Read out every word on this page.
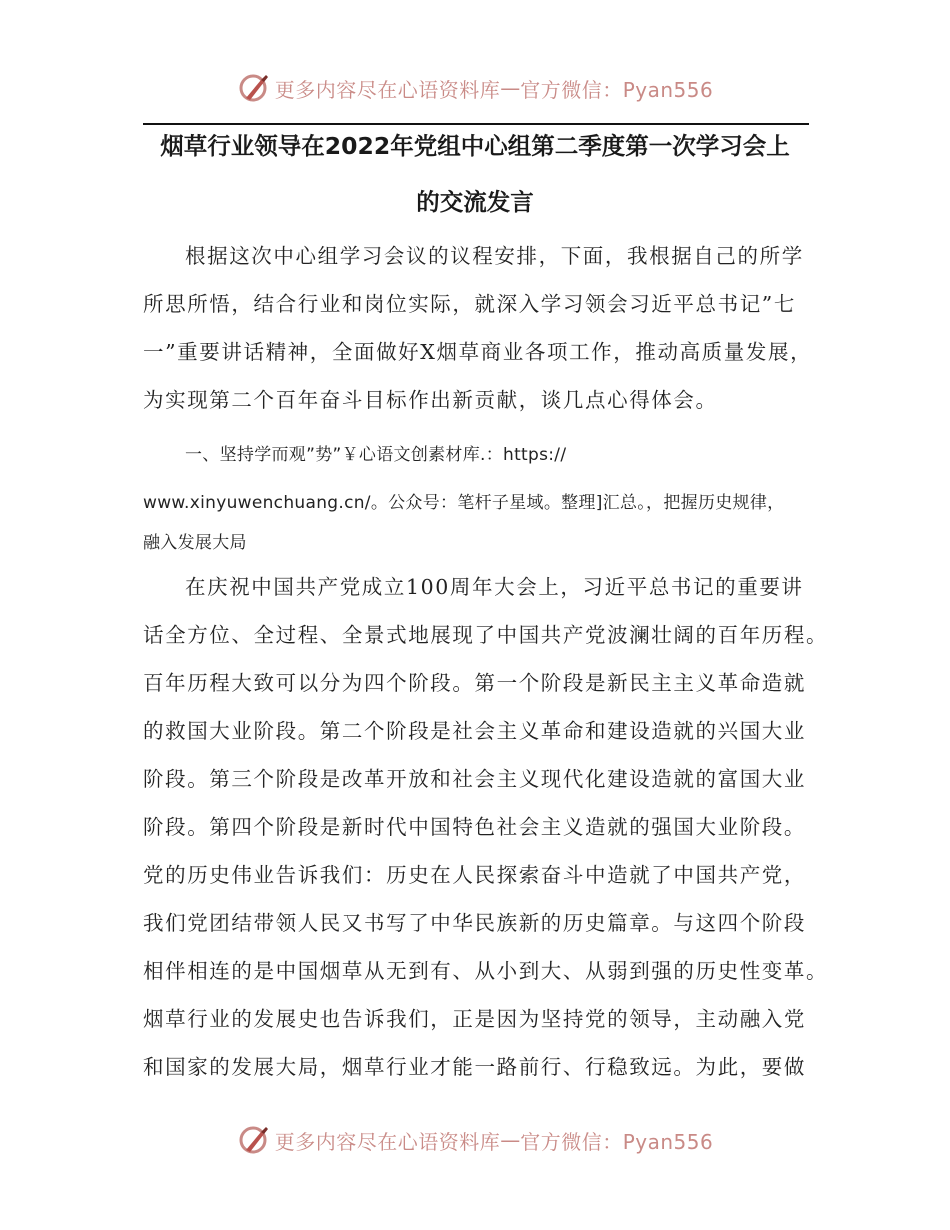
更多内容尽在心语资料库 — 官方微信：Pyan556
烟草行业领导在2022年党组中心组第二季度第一次学习会上
的交流发言
根据这次中心组学习会议的议程安排，下面，我根据自己的所学
所思所悟，结合行业和岗位实际，就深入学习领会习近平总书记”七
一”重要讲话精神，全面做好X烟草商业各项工作，推动高质量发展，
为实现第二个百年奋斗目标作出新贡献，谈几点心得体会。
一、坚持学而观”势”￥心语文创素材库.：https://
www.xinyuwenchuang.cn/。公众号：笔杆子星域。整理]汇总。，把握历史规律，
融入发展大局
在庆祝中国共产党成立100周年大会上，习近平总书记的重要讲
话全方位、全过程、全景式地展现了中国共产党波澜壮阔的百年历程。
百年历程大致可以分为四个阶段。第一个阶段是新民主主义革命造就
的救国大业阶段。第二个阶段是社会主义革命和建设造就的兴国大业
阶段。第三个阶段是改革开放和社会主义现代化建设造就的富国大业
阶段。第四个阶段是新时代中国特色社会主义造就的强国大业阶段。
党的历史伟业告诉我们：历史在人民探索奋斗中造就了中国共产党，
我们党团结带领人民又书写了中华民族新的历史篇章。与这四个阶段
相伴相连的是中国烟草从无到有、从小到大、从弱到强的历史性变革。
烟草行业的发展史也告诉我们，正是因为坚持党的领导，主动融入党
和国家的发展大局，烟草行业才能一路前行、行稳致远。为此，要做
更多内容尽在心语资料库 — 官方微信：Pyan556
